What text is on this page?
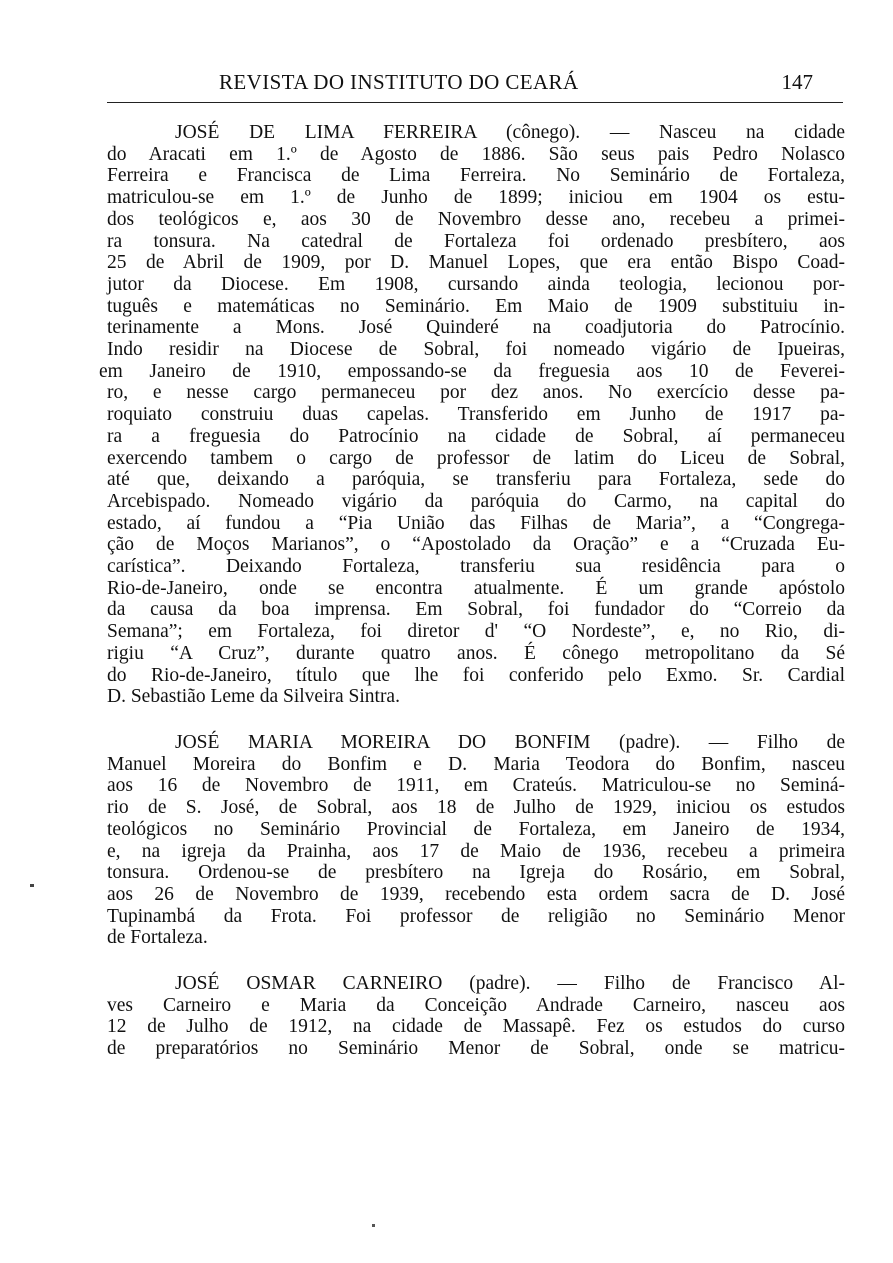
REVISTA DO INSTITUTO DO CEARÁ	147
JOSÉ DE LIMA FERREIRA (cônego). — Nasceu na cidade
do Aracati em 1.º de Agosto de 1886. São seus pais Pedro Nolasco
Ferreira e Francisca de Lima Ferreira. No Seminário de Fortaleza,
matriculou-se em 1.º de Junho de 1899; iniciou em 1904 os estu-
dos teológicos e, aos 30 de Novembro desse ano, recebeu a primei-
ra tonsura. Na catedral de Fortaleza foi ordenado presbítero, aos
25 de Abril de 1909, por D. Manuel Lopes, que era então Bispo Coad-
jutor da Diocese. Em 1908, cursando ainda teologia, lecionou por-
tuguês e matemáticas no Seminário. Em Maio de 1909 substituiu in-
terinamente a Mons. José Quinderé na coadjutoria do Patrocínio.
Indo residir na Diocese de Sobral, foi nomeado vigário de Ipueiras,
em Janeiro de 1910, empossando-se da freguesia aos 10 de Feverei-
ro, e nesse cargo permaneceu por dez anos. No exercício desse pa-
roquiato construiu duas capelas. Transferido em Junho de 1917 pa-
ra a freguesia do Patrocínio na cidade de Sobral, aí permaneceu
exercendo tambem o cargo de professor de latim do Liceu de Sobral,
até que, deixando a paróquia, se transferiu para Fortaleza, sede do
Arcebispado. Nomeado vigário da paróquia do Carmo, na capital do
estado, aí fundou a “Pia União das Filhas de Maria”, a “Congrega-
ção de Moços Marianos”, o “Apostolado da Oração” e a “Cruzada Eu-
carística”. Deixando Fortaleza, transferiu sua residência para o
Rio-de-Janeiro, onde se encontra atualmente. É um grande apóstolo
da causa da boa imprensa. Em Sobral, foi fundador do “Correio da
Semana”; em Fortaleza, foi diretor d' “O Nordeste”, e, no Rio, di-
rigiu “A Cruz”, durante quatro anos. É cônego metropolitano da Sé
do Rio-de-Janeiro, título que lhe foi conferido pelo Exmo. Sr. Cardial
D. Sebastião Leme da Silveira Sintra.
JOSÉ MARIA MOREIRA DO BONFIM (padre). — Filho de
Manuel Moreira do Bonfim e D. Maria Teodora do Bonfim, nasceu
aos 16 de Novembro de 1911, em Crateús. Matriculou-se no Seminá-
rio de S. José, de Sobral, aos 18 de Julho de 1929, iniciou os estudos
teológicos no Seminário Provincial de Fortaleza, em Janeiro de 1934,
e, na igreja da Prainha, aos 17 de Maio de 1936, recebeu a primeira
tonsura. Ordenou-se de presbítero na Igreja do Rosário, em Sobral,
aos 26 de Novembro de 1939, recebendo esta ordem sacra de D. José
Tupinambá da Frota. Foi professor de religião no Seminário Menor
de Fortaleza.
JOSÉ OSMAR CARNEIRO (padre). — Filho de Francisco Al-
ves Carneiro e Maria da Conceição Andrade Carneiro, nasceu aos
12 de Julho de 1912, na cidade de Massapê. Fez os estudos do curso
de preparatórios no Seminário Menor de Sobral, onde se matricu-
